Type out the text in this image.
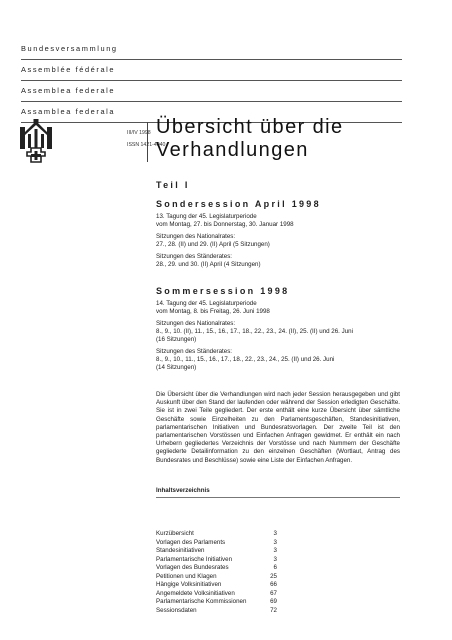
Bundesversammlung
Assemblée fédérale
Assemblea federale
Assamblea federala
III/IV 1998
ISSN 1421-4040
Übersicht über die
Verhandlungen
Teil I
Sondersession April 1998
13. Tagung der 45. Legislaturperiode
vom Montag, 27. bis Donnerstag, 30. Januar 1998
Sitzungen des Nationalrates:
27., 28. (II) und 29. (II) April (5 Sitzungen)
Sitzungen des Ständerates:
28., 29. und 30. (II) April (4 Sitzungen)
Sommersession 1998
14. Tagung der 45. Legislaturperiode
vom Montag, 8. bis Freitag, 26. Juni 1998
Sitzungen des Nationalrates:
8., 9., 10. (II), 11., 15., 16., 17., 18., 22., 23., 24. (II), 25. (II) und 26. Juni
(16 Sitzungen)
Sitzungen des Ständerates:
8., 9., 10., 11., 15., 16., 17., 18., 22., 23., 24., 25. (II) und 26. Juni
(14 Sitzungen)
Die Übersicht über die Verhandlungen wird nach jeder Session herausgegeben und gibt Auskunft über den Stand der laufenden oder während der Session erledigten Geschäfte. Sie ist in zwei Teile gegliedert. Der erste enthält eine kurze Übersicht über sämtliche Geschäfte sowie Einzelheiten zu den Parlamentsgeschäften, Standesinitiativen, parlamentarischen Initiativen und Bundesratsvorlagen. Der zweite Teil ist den parlamentarischen Vorstössen und Einfachen Anfragen gewidmet. Er enthält ein nach Urhebern gegliedertes Verzeichnis der Vorstösse und nach Nummern der Geschäfte gegliederte Detailinformation zu den einzelnen Geschäften (Wortlaut, Antrag des Bundesrates und Beschlüsse) sowie eine Liste der Einfachen Anfragen.
Inhaltsverzeichnis
Kurzübersicht	3
Vorlagen des Parlaments	3
Standesinitiativen	3
Parlamentarische Initiativen	3
Vorlagen des Bundesrates	6
Petitionen und Klagen	25
Hängige Volksinitiativen	66
Angemeldete Volksinitiativen	67
Parlamentarische Kommissionen	69
Sessionsdaten	72
